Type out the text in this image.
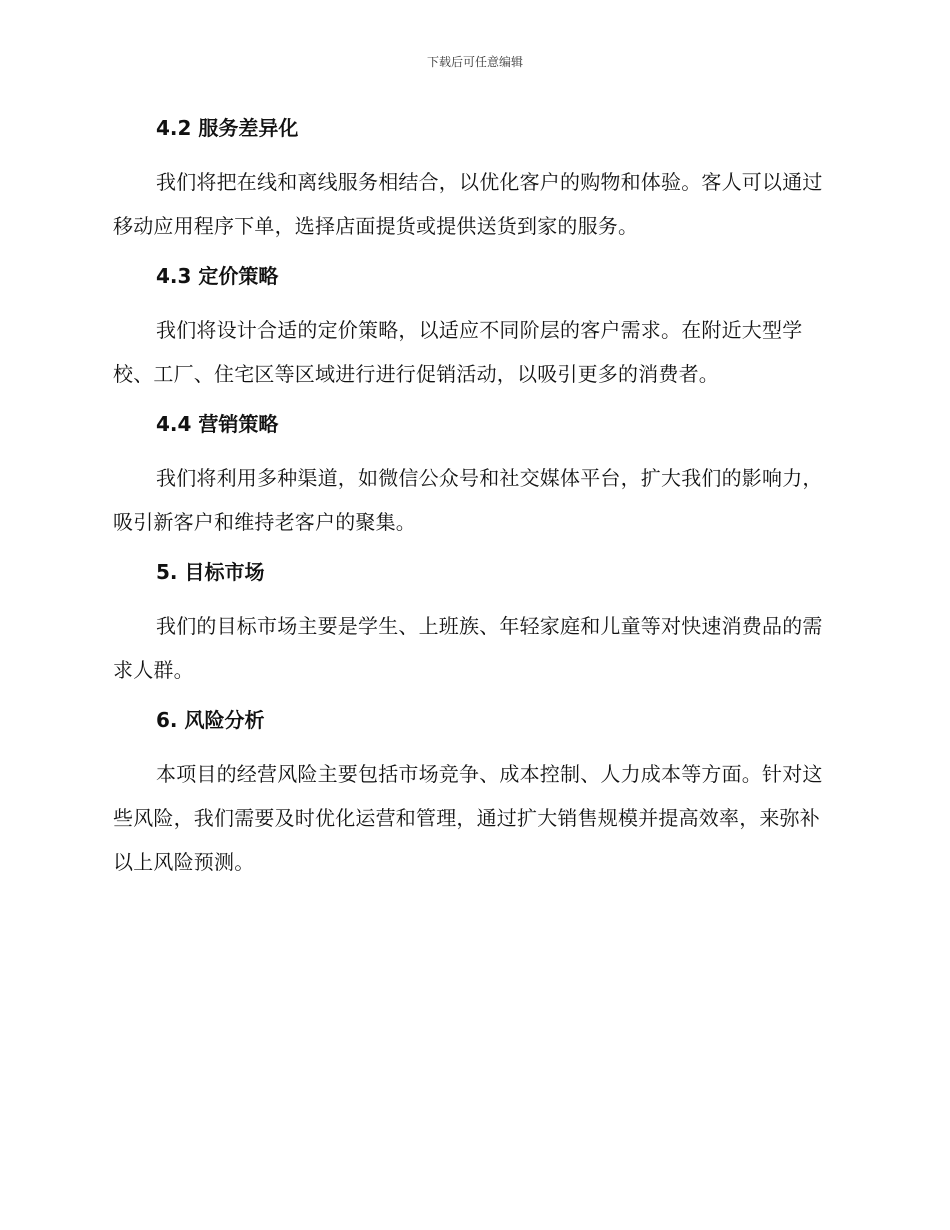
下载后可任意编辑
4.2 服务差异化

我们将把在线和离线服务相结合，以优化客户的购物和体验。客人可以通过移动应用程序下单，选择店面提货或提供送货到家的服务。

4.3 定价策略

我们将设计合适的定价策略，以适应不同阶层的客户需求。在附近大型学校、工厂、住宅区等区域进行进行促销活动，以吸引更多的消费者。

4.4 营销策略

我们将利用多种渠道，如微信公众号和社交媒体平台，扩大我们的影响力，吸引新客户和维持老客户的聚集。

5. 目标市场

我们的目标市场主要是学生、上班族、年轻家庭和儿童等对快速消费品的需求人群。

6. 风险分析

本项目的经营风险主要包括市场竞争、成本控制、人力成本等方面。针对这些风险，我们需要及时优化运营和管理，通过扩大销售规模并提高效率，来弥补以上风险预测。
